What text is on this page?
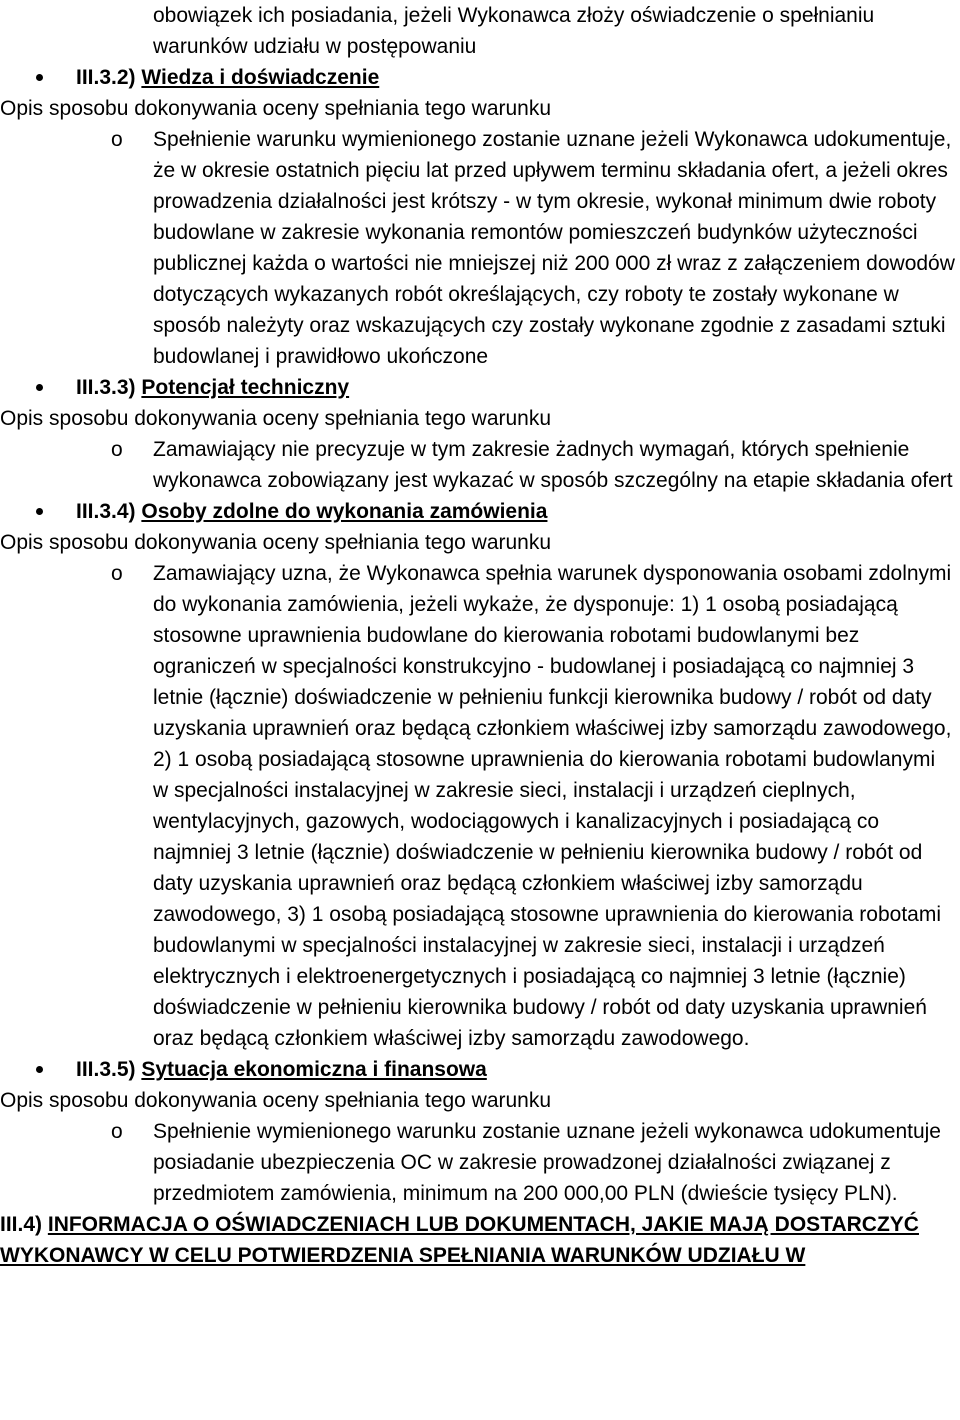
obowiązek ich posiadania, jeżeli Wykonawca złoży oświadczenie o spełnianiu warunków udziału w postępowaniu

III.3.2) Wiedza i doświadczenie

Opis sposobu dokonywania oceny spełniania tego warunku

o Spełnienie warunku wymienionego zostanie uznane jeżeli Wykonawca udokumentuje, że w okresie ostatnich pięciu lat przed upływem terminu składania ofert, a jeżeli okres prowadzenia działalności jest krótszy - w tym okresie, wykonał minimum dwie roboty budowlane w zakresie wykonania remontów pomieszczeń budynków użyteczności publicznej każda o wartości nie mniejszej niż 200 000 zł wraz z załączeniem dowodów dotyczących wykazanych robót określających, czy roboty te zostały wykonane w sposób należyty oraz wskazujących czy zostały wykonane zgodnie z zasadami sztuki budowlanej i prawidłowo ukończone
III.3.3) Potencjał techniczny

Opis sposobu dokonywania oceny spełniania tego warunku

o Zamawiający nie precyzuje w tym zakresie żadnych wymagań, których spełnienie wykonawca zobowiązany jest wykazać w sposób szczególny na etapie składania ofert
III.3.4) Osoby zdolne do wykonania zamówienia

Opis sposobu dokonywania oceny spełniania tego warunku

o Zamawiający uzna, że Wykonawca spełnia warunek dysponowania osobami zdolnymi do wykonania zamówienia, jeżeli wykaże, że dysponuje: 1) 1 osobą posiadającą stosowne uprawnienia budowlane do kierowania robotami budowlanymi bez ograniczeń w specjalności konstrukcyjno - budowlanej i posiadającą co najmniej 3 letnie (łącznie) doświadczenie w pełnieniu funkcji kierownika budowy / robót od daty uzyskania uprawnień oraz będącą członkiem właściwej izby samorządu zawodowego, 2) 1 osobą posiadającą stosowne uprawnienia do kierowania robotami budowlanymi w specjalności instalacyjnej w zakresie sieci, instalacji i urządzeń cieplnych, wentylacyjnych, gazowych, wodociągowych i kanalizacyjnych i posiadającą co najmniej 3 letnie (łącznie) doświadczenie w pełnieniu kierownika budowy / robót od daty uzyskania uprawnień oraz będącą członkiem właściwej izby samorządu zawodowego, 3) 1 osobą posiadającą stosowne uprawnienia do kierowania robotami budowlanymi w specjalności instalacyjnej w zakresie sieci, instalacji i urządzeń elektrycznych i elektroenergetycznych i posiadającą co najmniej 3 letnie (łącznie) doświadczenie w pełnieniu kierownika budowy / robót od daty uzyskania uprawnień oraz będącą członkiem właściwej izby samorządu zawodowego.
III.3.5) Sytuacja ekonomiczna i finansowa

Opis sposobu dokonywania oceny spełniania tego warunku

o Spełnienie wymienionego warunku zostanie uznane jeżeli wykonawca udokumentuje posiadanie ubezpieczenia OC w zakresie prowadzonej działalności związanej z przedmiotem zamówienia, minimum na 200 000,00 PLN (dwieście tysięcy PLN).

III.4) INFORMACJA O OŚWIADCZENIACH LUB DOKUMENTACH, JAKIE MAJĄ DOSTARCZYĆ WYKONAWCY W CELU POTWIERDZENIA SPEŁNIANIA WARUNKÓW UDZIAŁU W
